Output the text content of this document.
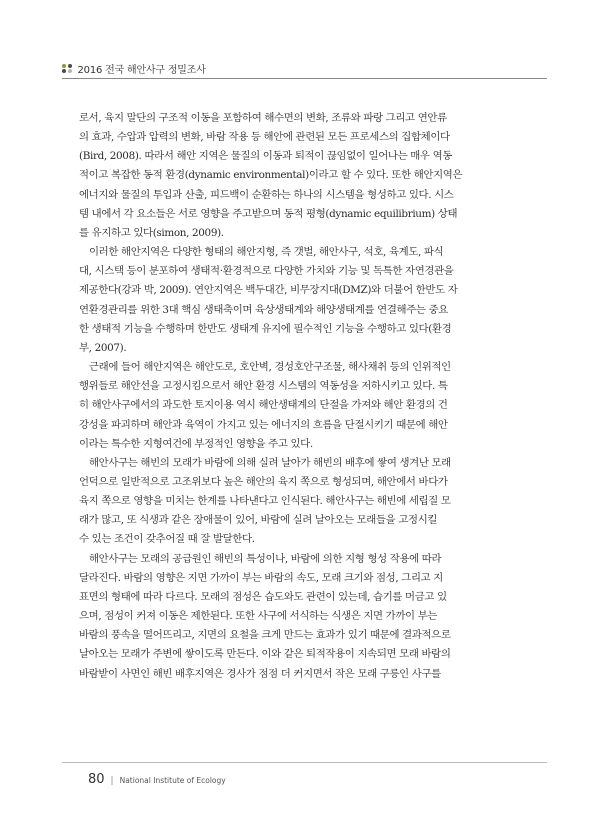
2016 전국 해안사구 정밀조사
로서, 육지 말단의 구조적 이동을 포함하여 해수면의 변화, 조류와 파랑 그리고 연안류
의 효과, 수압과 압력의 변화, 바람 작용 등 해안에 관련된 모든 프로세스의 집합체이다
(Bird, 2008). 따라서 해안 지역은 물질의 이동과 퇴적이 끊임없이 일어나는 매우 역동
적이고 복잡한 동적 환경(dynamic environmental)이라고 할 수 있다. 또한 해안지역은
에너지와 물질의 투입과 산출, 피드백이 순환하는 하나의 시스템을 형성하고 있다. 시스
템 내에서 각 요소들은 서로 영향을 주고받으며 동적 평형(dynamic equilibrium) 상태
를 유지하고 있다(simon, 2009).
이러한 해안지역은 다양한 형태의 해안지형, 즉 갯벌, 해안사구, 석호, 육계도, 파식
대, 시스택 등이 분포하여 생태적·환경적으로 다양한 가치와 기능 및 독특한 자연경관을
제공한다(강과 박, 2009). 연안지역은 백두대간, 비무장지대(DMZ)와 더불어 한반도 자
연환경관리를 위한 3대 핵심 생태축이며 육상생태계와 해양생태계를 연결해주는 중요
한 생태적 기능을 수행하며 한반도 생태계 유지에 필수적인 기능을 수행하고 있다(환경
부, 2007).
근래에 들어 해안지역은 해안도로, 호안벽, 경성호안구조물, 해사채취 등의 인위적인
행위들로 해안선을 고정시킴으로서 해안 환경 시스템의 역동성을 저하시키고 있다. 특
히 해안사구에서의 과도한 토지이용 역시 해안생태계의 단절을 가져와 해안 환경의 건
강성을 파괴하며 해안과 육역이 가지고 있는 에너지의 흐름을 단절시키기 때문에 해안
이라는 특수한 지형여건에 부정적인 영향을 주고 있다.
해안사구는 해빈의 모래가 바람에 의해 실려 날아가 해빈의 배후에 쌓여 생겨난 모래
언덕으로 일반적으로 고조위보다 높은 해안의 육지 쪽으로 형성되며, 해안에서 바다가
육지 쪽으로 영향을 미치는 한계를 나타낸다고 인식된다. 해안사구는 해빈에 세립질 모
래가 많고, 또 식생과 같은 장애물이 있어, 바람에 실려 날아오는 모래들을 고정시킬
수 있는 조건이 갖추어질 때 잘 발달한다.
해안사구는 모래의 공급원인 해빈의 특성이나, 바람에 의한 지형 형성 작용에 따라
달라진다. 바람의 영향은 지면 가까이 부는 바람의 속도, 모래 크기와 점성, 그리고 지
표면의 형태에 따라 다르다. 모래의 점성은 습도와도 관련이 있는데, 습기를 머금고 있
으며, 점성이 커져 이동은 제한된다. 또한 사구에 서식하는 식생은 지면 가까이 부는
바람의 풍속을 떨어뜨리고, 지면의 요철을 크게 만드는 효과가 있기 때문에 결과적으로
날아오는 모래가 주변에 쌓이도록 만든다. 이와 같은 퇴적작용이 지속되면 모래 바람의
바람받이 사면인 해빈 배후지역은 경사가 점점 더 커지면서 작은 모래 구릉인 사구를
80 | National Institute of Ecology
